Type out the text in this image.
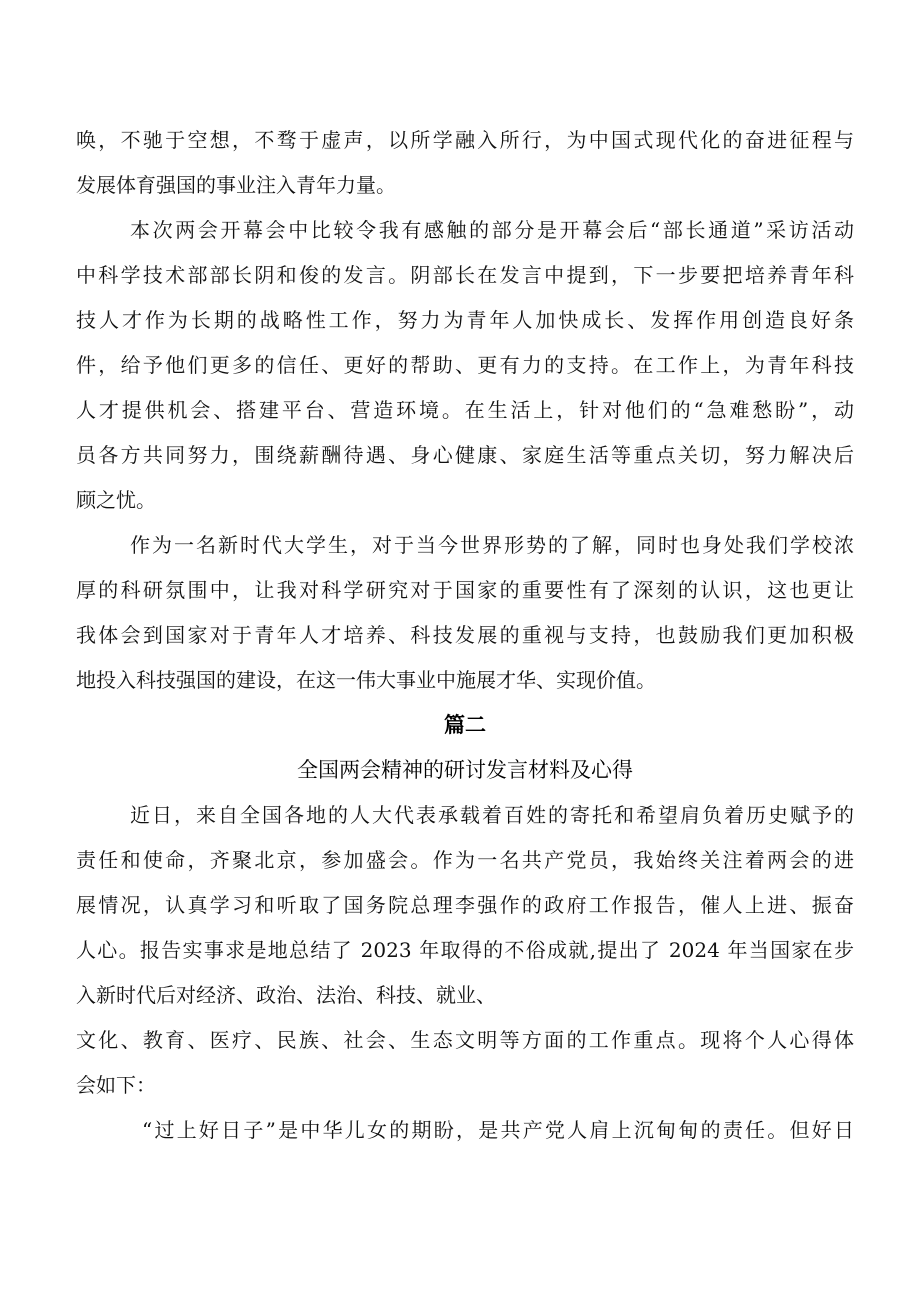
唤，不驰于空想，不骛于虚声，以所学融入所行，为中国式现代化的奋进征程与
发展体育强国的事业注入青年力量。
本次两会开幕会中比较令我有感触的部分是开幕会后“部长通道”采访活动
中科学技术部部长阴和俊的发言。阴部长在发言中提到，下一步要把培养青年科
技人才作为长期的战略性工作，努力为青年人加快成长、发挥作用创造良好条
件，给予他们更多的信任、更好的帮助、更有力的支持。在工作上，为青年科技
人才提供机会、搭建平台、营造环境。在生活上，针对他们的“急难愁盼”，动
员各方共同努力，围绕薪酬待遇、身心健康、家庭生活等重点关切，努力解决后
顾之忧。
作为一名新时代大学生，对于当今世界形势的了解，同时也身处我们学校浓
厚的科研氛围中，让我对科学研究对于国家的重要性有了深刻的认识，这也更让
我体会到国家对于青年人才培养、科技发展的重视与支持，也鼓励我们更加积极
地投入科技强国的建设，在这一伟大事业中施展才华、实现价值。
篇二
全国两会精神的研讨发言材料及心得
近日，来自全国各地的人大代表承载着百姓的寄托和希望肩负着历史赋予的
责任和使命，齐聚北京，参加盛会。作为一名共产党员，我始终关注着两会的进
展情况，认真学习和听取了国务院总理李强作的政府工作报告，催人上进、振奋
人心。报告实事求是地总结了 2023 年取得的不俗成就,提出了 2024 年当国家在步
入新时代后对经济、政治、法治、科技、就业、
文化、教育、医疗、民族、社会、生态文明等方面的工作重点。现将个人心得体
会如下：
“过上好日子”是中华儿女的期盼，是共产党人肩上沉甸甸的责任。但好日
